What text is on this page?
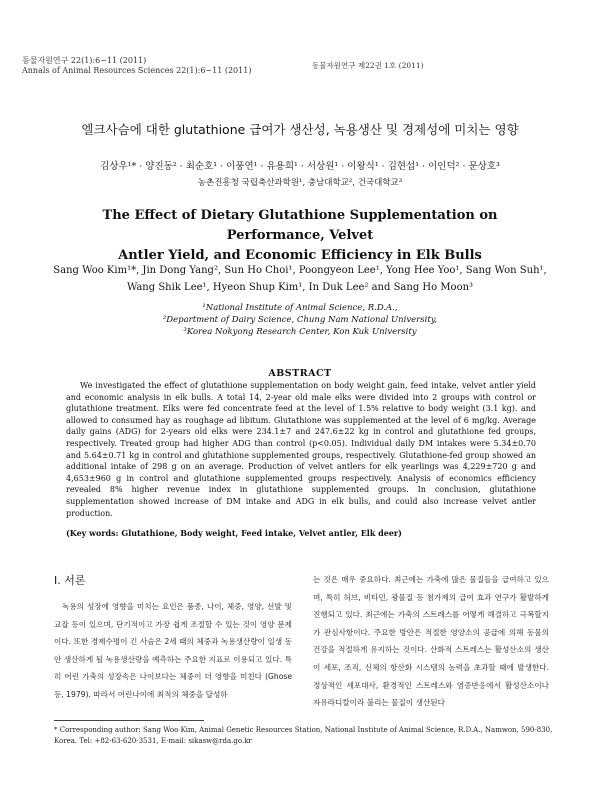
동물자원연구 22(1):6~11 (2011)
Annals of Animal Resources Sciences 22(1):6~11 (2011)
동물자원연구 제22권 1호 (2011)
엘크사슴에 대한 glutathione 급여가 생산성, 녹용생산 및 경제성에 미치는 영향
김상우¹* · 양진동² · 최순호¹ · 이풍연¹ · 유용희¹ · 서상원¹ · 이왕식¹ · 김현섭¹ · 이인덕² · 문상호³
농촌진흥청 국립축산과학원¹, 충남대학교², 건국대학교³
The Effect of Dietary Glutathione Supplementation on Performance, Velvet
Antler Yield, and Economic Efficiency in Elk Bulls
Sang Woo Kim¹*, Jin Dong Yang², Sun Ho Choi¹, Poongyeon Lee¹, Yong Hee Yoo¹, Sang Won Suh¹,
Wang Shik Lee¹, Hyeon Shup Kim¹, In Duk Lee² and Sang Ho Moon³
¹National Institute of Animal Science, R.D.A.,
²Department of Dairy Science, Chung Nam National University,
³Korea Nokyong Research Center, Kon Kuk University
ABSTRACT
We investigated the effect of glutathione supplementation on body weight gain, feed intake, velvet antler yield and economic analysis in elk bulls. A total 14, 2-year old male elks were divided into 2 groups with control or glutathione treatment. Elks were fed concentrate feed at the level of 1.5% relative to body weight (3.1 kg). and allowed to consumed hay as roughage ad libitum. Glutathione was supplemented at the level of 6 mg/kg. Average daily gains (ADG) for 2-years old elks were 234.1±7 and 247.6±22 kg in control and glutathione fed groups, respectively. Treated group had higher ADG than control (p<0.05). Individual daily DM intakes were 5.34±0.70 and 5.64±0.71 kg in control and glutathione supplemented groups, respectively. Glutathione-fed group showed an additional intake of 298 g on an average. Production of velvet antlers for elk yearlings was 4,229±720 g and 4,653±960 g in control and glutathione supplemented groups respectively. Analysis of economics efficiency revealed 8% higher revenue index in glutathione supplemented groups. In conclusion, glutathione supplementation showed increase of DM intake and ADG in elk bulls, and could also increase velvet antler production.
(Key words: Glutathione, Body weight, Feed intake, Velvet antler, Elk deer)
I. 서론
녹용의 성장에 영향을 미치는 요인은 품종, 나이, 체중, 영양, 선발 및 교잡 등이 있으며, 단기적이고 가장 쉽게 조절할 수 있는 것이 영양 문제이다. 또한 경제수명이 긴 사슴은 2세 때의 체중과 녹용생산량이 일생 동안 생산하게 될 녹용생산량을 예측하는 주요한 지표로 이용되고 있다. 특히 어린 가축의 성장속은 나이보다는 체중이 더 영향을 미친다 (Ghose 등, 1979). 따라서 어린나이에 최적의 체중을 달성하
는 것은 매우 중요하다. 최근에는 가축에 많은 물질들을 급여하고 있으며, 특히 허브, 비타민, 광물질 등 첨가제의 급여 효과 연구가 활발하게 진행되고 있다. 최근에는 가축의 스트레스를 어떻게 해결하고 극복할지가 관심사항이다. 주요한 방안은 적절한 영양소의 공급에 의해 동물의 건강을 적절하게 유지하는 것이다. 산화적 스트레스는 활성산소의 생산이 세포, 조직, 신체의 항산화 시스템의 능력을 초과할 때에 발생한다. 정상적인 세포대사, 환경적인 스트레스와 염증반응에서 활성산소이나 자유라디칼이라 불리는 물질이 생산된다
* Corresponding author: Sang Woo Kim, Animal Genetic Resources Station, National Institute of Animal Science, R.D.A., Namwon, 590-830, Korea. Tel: +82-63-620-3531, E-mail: sikasw@rda.go.kr
